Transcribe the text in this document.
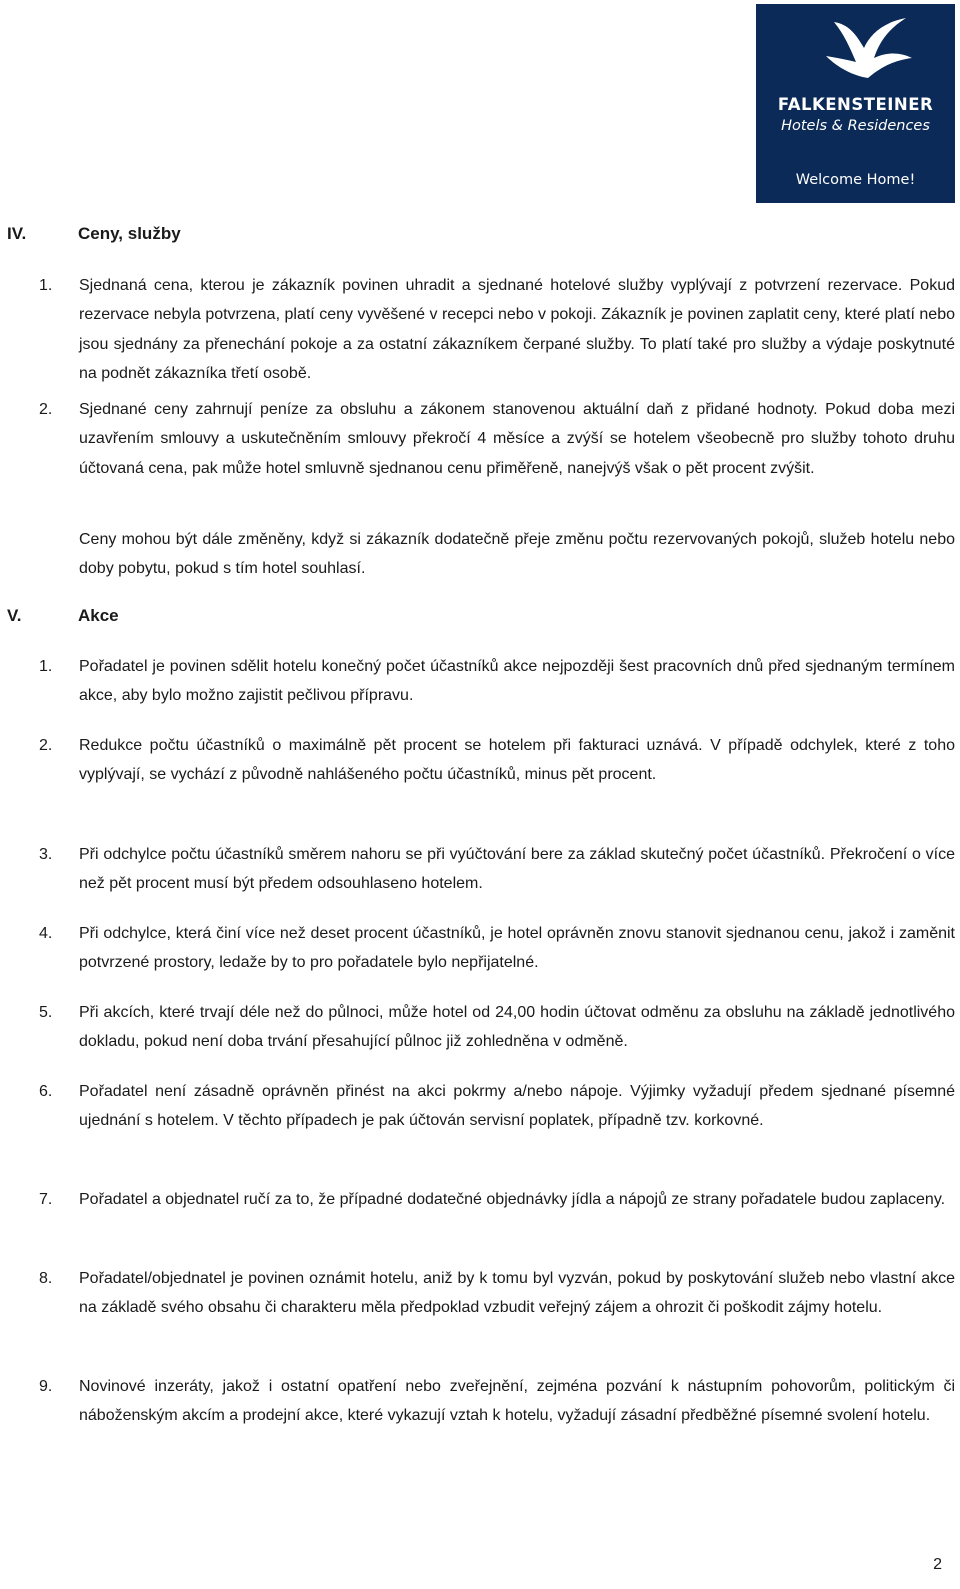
FALKENSTEINER
Hotels & Residences
Welcome Home!
IV.	Ceny, služby
1. Sjednaná cena, kterou je zákazník povinen uhradit a sjednané hotelové služby vyplývají z potvrzení rezervace. Pokud rezervace nebyla potvrzena, platí ceny vyvěšené v recepci nebo v pokoji. Zákazník je povinen zaplatit ceny, které platí nebo jsou sjednány za přenechání pokoje a za ostatní zákazníkem čerpané služby. To platí také pro služby a výdaje poskytnuté na podnět zákazníka třetí osobě.
2. Sjednané ceny zahrnují peníze za obsluhu a zákonem stanovenou aktuální daň z přidané hodnoty. Pokud doba mezi uzavřením smlouvy a uskutečněním smlouvy překročí 4 měsíce a zvýší se hotelem všeobecně pro služby tohoto druhu účtovaná cena, pak může hotel smluvně sjednanou cenu přiměřeně, nanejvýš však o pět procent zvýšit.
Ceny mohou být dále změněny, když si zákazník dodatečně přeje změnu počtu rezervovaných pokojů, služeb hotelu nebo doby pobytu, pokud s tím hotel souhlasí.
V.	Akce
1. Pořadatel je povinen sdělit hotelu konečný počet účastníků akce nejpozději šest pracovních dnů před sjednaným termínem akce, aby bylo možno zajistit pečlivou přípravu.
2. Redukce počtu účastníků o maximálně pět procent se hotelem při fakturaci uznává. V případě odchylek, které z toho vyplývají, se vychází z původně nahlášeného počtu účastníků, minus pět procent.
3. Při odchylce počtu účastníků směrem nahoru se při vyúčtování bere za základ skutečný počet účastníků. Překročení o více než pět procent musí být předem odsouhlaseno hotelem.
4. Při odchylce, která činí více než deset procent účastníků, je hotel oprávněn znovu stanovit sjednanou cenu, jakož i zaměnit potvrzené prostory, ledaže by to pro pořadatele bylo nepřijatelné.
5. Při akcích, které trvají déle než do půlnoci, může hotel od 24,00 hodin účtovat odměnu za obsluhu na základě jednotlivého dokladu, pokud není doba trvání přesahující půlnoc již zohledněna v odměně.
6. Pořadatel není zásadně oprávněn přinést na akci pokrmy a/nebo nápoje. Výjimky vyžadují předem sjednané písemné ujednání s hotelem. V těchto případech je pak účtován servisní poplatek, případně tzv. korkovné.
7. Pořadatel a objednatel ručí za to, že případné dodatečné objednávky jídla a nápojů ze strany pořadatele budou zaplaceny.
8. Pořadatel/objednatel je povinen oznámit hotelu, aniž by k tomu byl vyzván, pokud by poskytování služeb nebo vlastní akce na základě svého obsahu či charakteru měla předpoklad vzbudit veřejný zájem a ohrozit či poškodit zájmy hotelu.
9. Novinové inzeráty, jakož i ostatní opatření nebo zveřejnění, zejména pozvání k nástupním pohovorům, politickým či náboženským akcím a prodejní akce, které vykazují vztah k hotelu, vyžadují zásadní předběžné písemné svolení hotelu.
2
